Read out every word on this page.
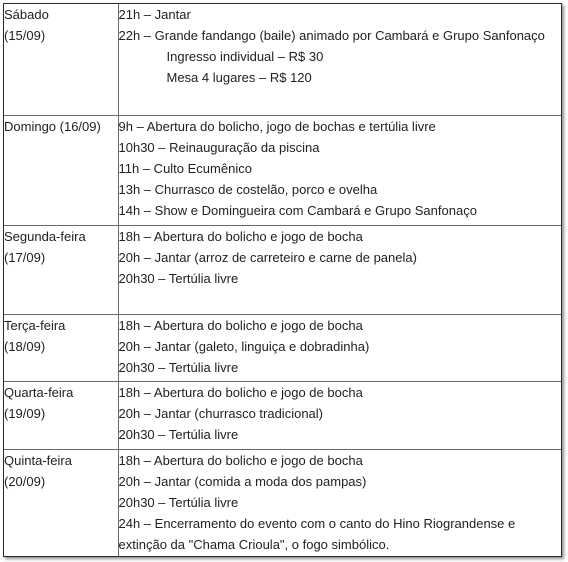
Sábado
(15/09)	21h – Jantar
22h – Grande fandango (baile) animado por Cambará e Grupo Sanfonaço
Ingresso individual – R$ 30
Mesa 4 lugares – R$ 120

Domingo (16/09)	9h – Abertura do bolicho, jogo de bochas e tertúlia livre
10h30 – Reinauguração da piscina
11h – Culto Ecumênico
13h – Churrasco de costelão, porco e ovelha
14h – Show e Domingueira com Cambará e Grupo Sanfonaço

Segunda-feira
(17/09)	18h – Abertura do bolicho e jogo de bocha
20h – Jantar (arroz de carreteiro e carne de panela)
20h30 – Tertúlia livre

Terça-feira
(18/09)	18h – Abertura do bolicho e jogo de bocha
20h – Jantar (galeto, linguiça e dobradinha)
20h30 – Tertúlia livre

Quarta-feira
(19/09)	18h – Abertura do bolicho e jogo de bocha
20h – Jantar (churrasco tradicional)
20h30 – Tertúlia livre

Quinta-feira
(20/09)	18h – Abertura do bolicho e jogo de bocha
20h – Jantar (comida a moda dos pampas)
20h30 – Tertúlia livre
24h – Encerramento do evento com o canto do Hino Riograndense e extinção da "Chama Crioula", o fogo simbólico.
